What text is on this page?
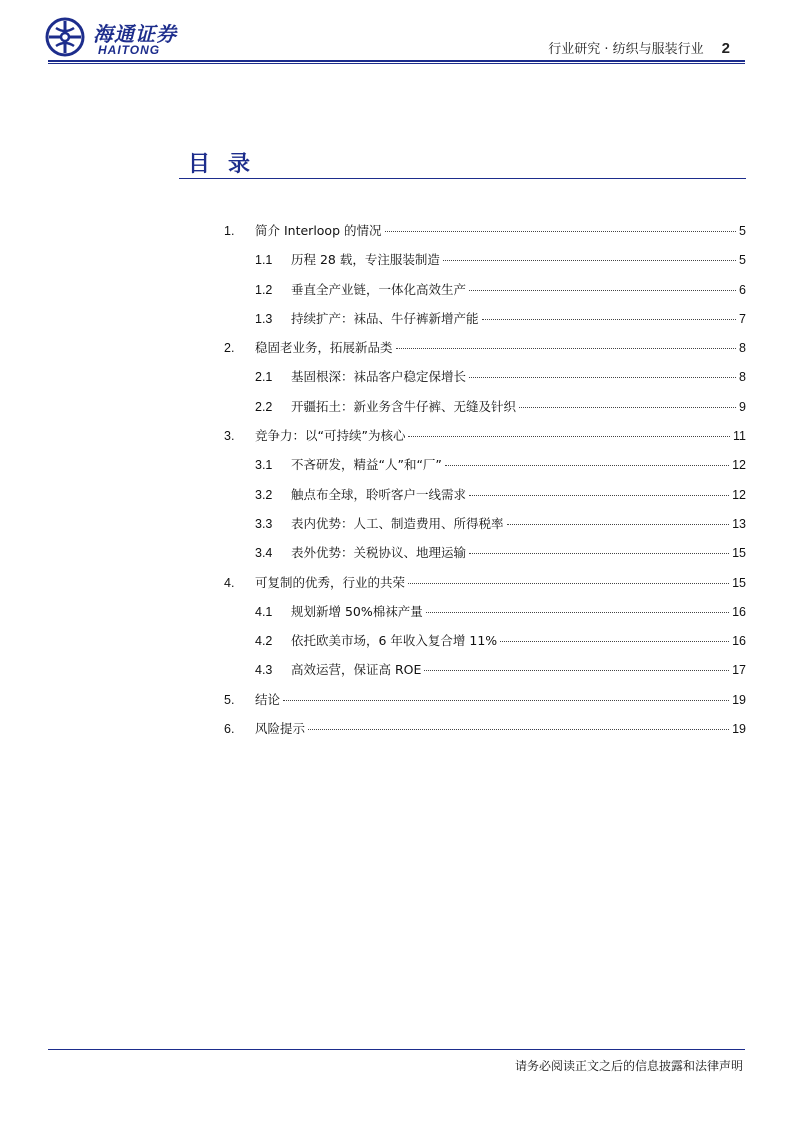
海通证券
HAITONG	行业研究 · 纺织与服装行业 2
目录
1.	简介 Interloop 的情况	5
1.1	历程 28 载，专注服装制造	5
1.2	垂直全产业链，一体化高效生产	6
1.3	持续扩产：袜品、牛仔裤新增产能	7
2.	稳固老业务，拓展新品类	8
2.1	基固根深：袜品客户稳定保增长	8
2.2	开疆拓土：新业务含牛仔裤、无缝及针织	9
3.	竞争力：以“可持续”为核心	11
3.1	不吝研发，精益“人”和“厂”	12
3.2	触点布全球，聆听客户一线需求	12
3.3	表内优势：人工、制造费用、所得税率	13
3.4	表外优势：关税协议、地理运输	15
4.	可复制的优秀，行业的共荣	15
4.1	规划新增 50%棉袜产量	16
4.2	依托欧美市场，6 年收入复合增 11%	16
4.3	高效运营，保证高 ROE	17
5.	结论	19
6.	风险提示	19
请务必阅读正文之后的信息披露和法律声明
